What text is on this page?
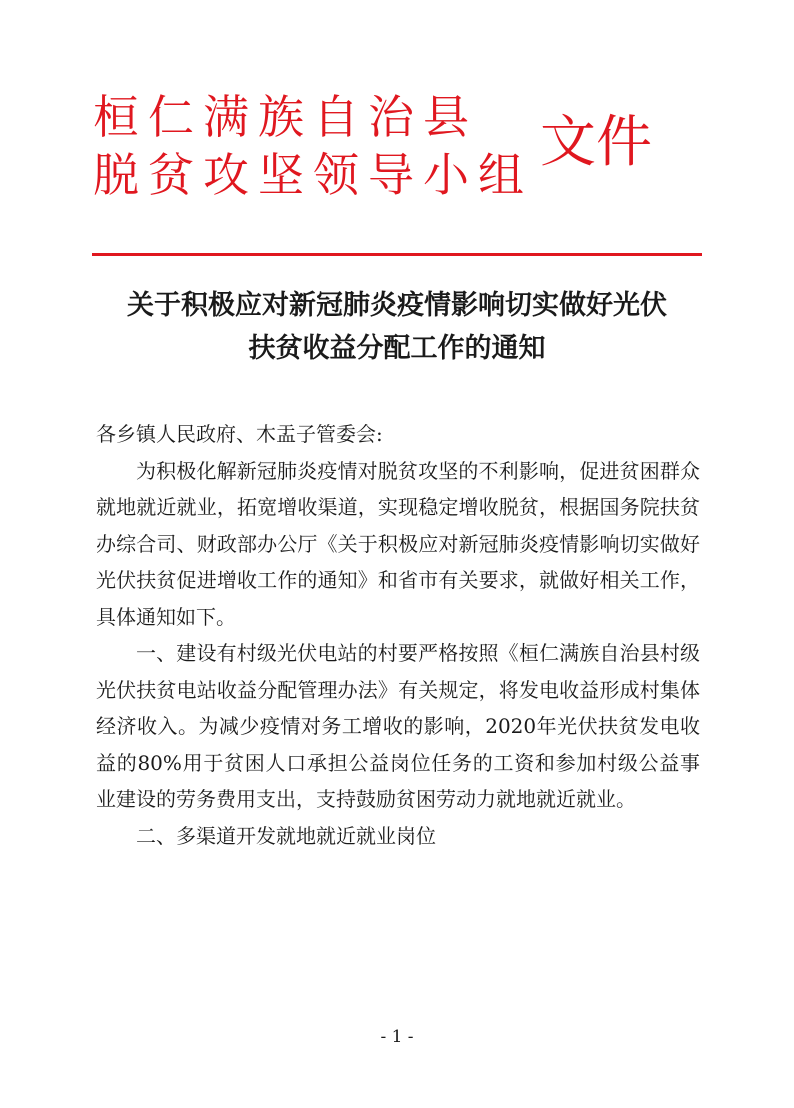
桓仁满族自治县
脱贫攻坚领导小组 文件
关于积极应对新冠肺炎疫情影响切实做好光伏
扶贫收益分配工作的通知

各乡镇人民政府、木盂子管委会:

为积极化解新冠肺炎疫情对脱贫攻坚的不利影响，促进贫困群众就地就近就业，拓宽增收渠道，实现稳定增收脱贫，根据国务院扶贫办综合司、财政部办公厅《关于积极应对新冠肺炎疫情影响切实做好光伏扶贫促进增收工作的通知》和省市有关要求，就做好相关工作，具体通知如下。

一、建设有村级光伏电站的村要严格按照《桓仁满族自治县村级光伏扶贫电站收益分配管理办法》有关规定，将发电收益形成村集体经济收入。为减少疫情对务工增收的影响，2020年光伏扶贫发电收益的80%用于贫困人口承担公益岗位任务的工资和参加村级公益事业建设的劳务费用支出，支持鼓励贫困劳动力就地就近就业。

二、多渠道开发就地就近就业岗位

- 1 -
